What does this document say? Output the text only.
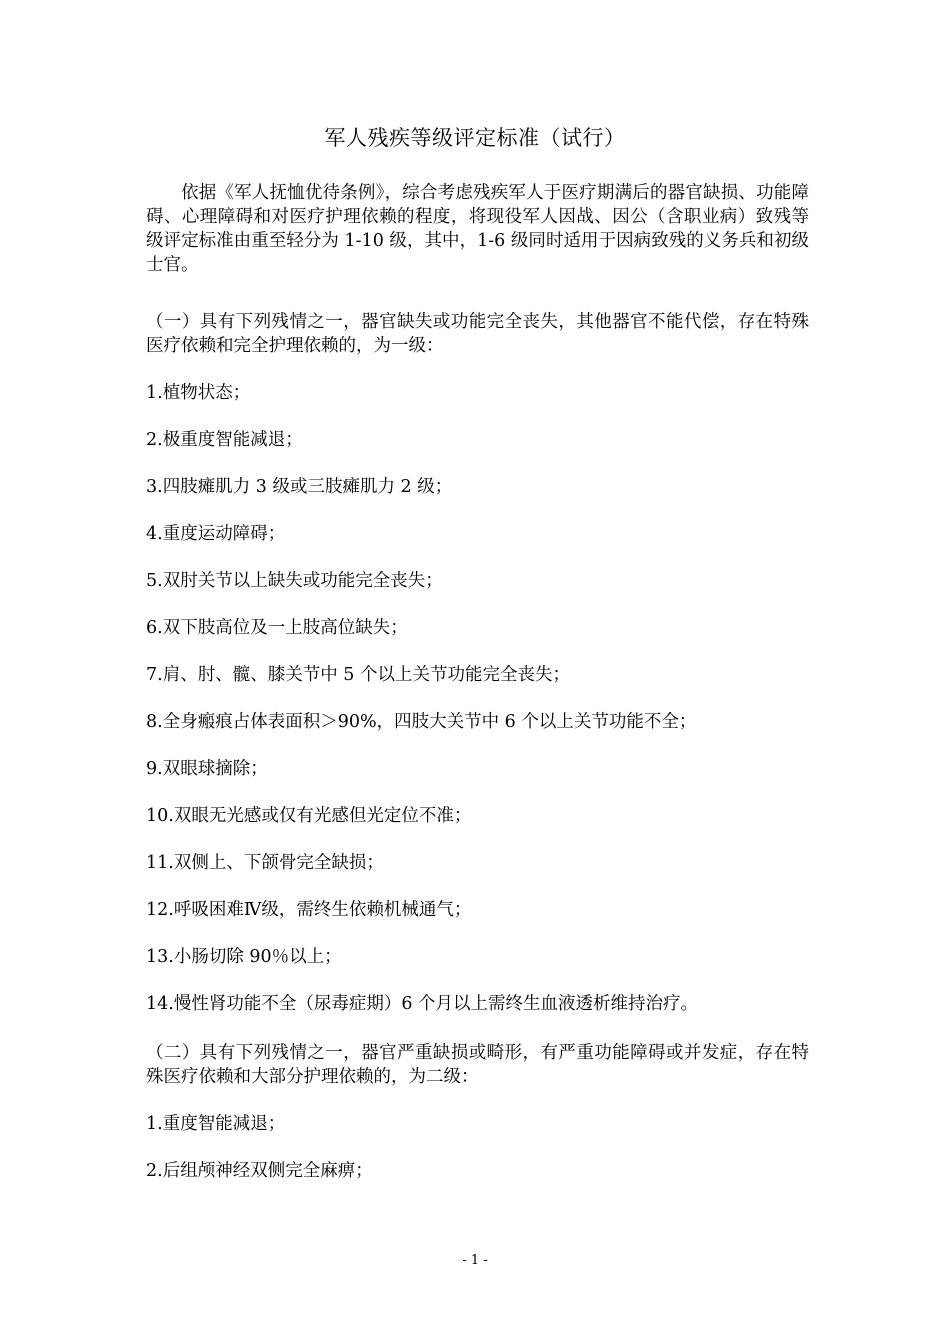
军人残疾等级评定标准（试行）
依据《军人抚恤优待条例》，综合考虑残疾军人于医疗期满后的器官缺损、功能障碍、心理障碍和对医疗护理依赖的程度，将现役军人因战、因公（含职业病）致残等级评定标准由重至轻分为 1-10 级，其中，1-6 级同时适用于因病致残的义务兵和初级士官。
（一）具有下列残情之一，器官缺失或功能完全丧失，其他器官不能代偿，存在特殊医疗依赖和完全护理依赖的，为一级：
1.植物状态；
2.极重度智能减退；
3.四肢瘫肌力 3 级或三肢瘫肌力 2 级；
4.重度运动障碍；
5.双肘关节以上缺失或功能完全丧失；
6.双下肢高位及一上肢高位缺失；
7.肩、肘、髋、膝关节中 5 个以上关节功能完全丧失；
8.全身瘢痕占体表面积＞90%，四肢大关节中 6 个以上关节功能不全；
9.双眼球摘除；
10.双眼无光感或仅有光感但光定位不准；
11.双侧上、下颌骨完全缺损；
12.呼吸困难Ⅳ级，需终生依赖机械通气；
13.小肠切除 90％以上；
14.慢性肾功能不全（尿毒症期）6 个月以上需终生血液透析维持治疗。
（二）具有下列残情之一，器官严重缺损或畸形，有严重功能障碍或并发症，存在特殊医疗依赖和大部分护理依赖的，为二级：
1.重度智能减退；
2.后组颅神经双侧完全麻痹；
- 1 -
